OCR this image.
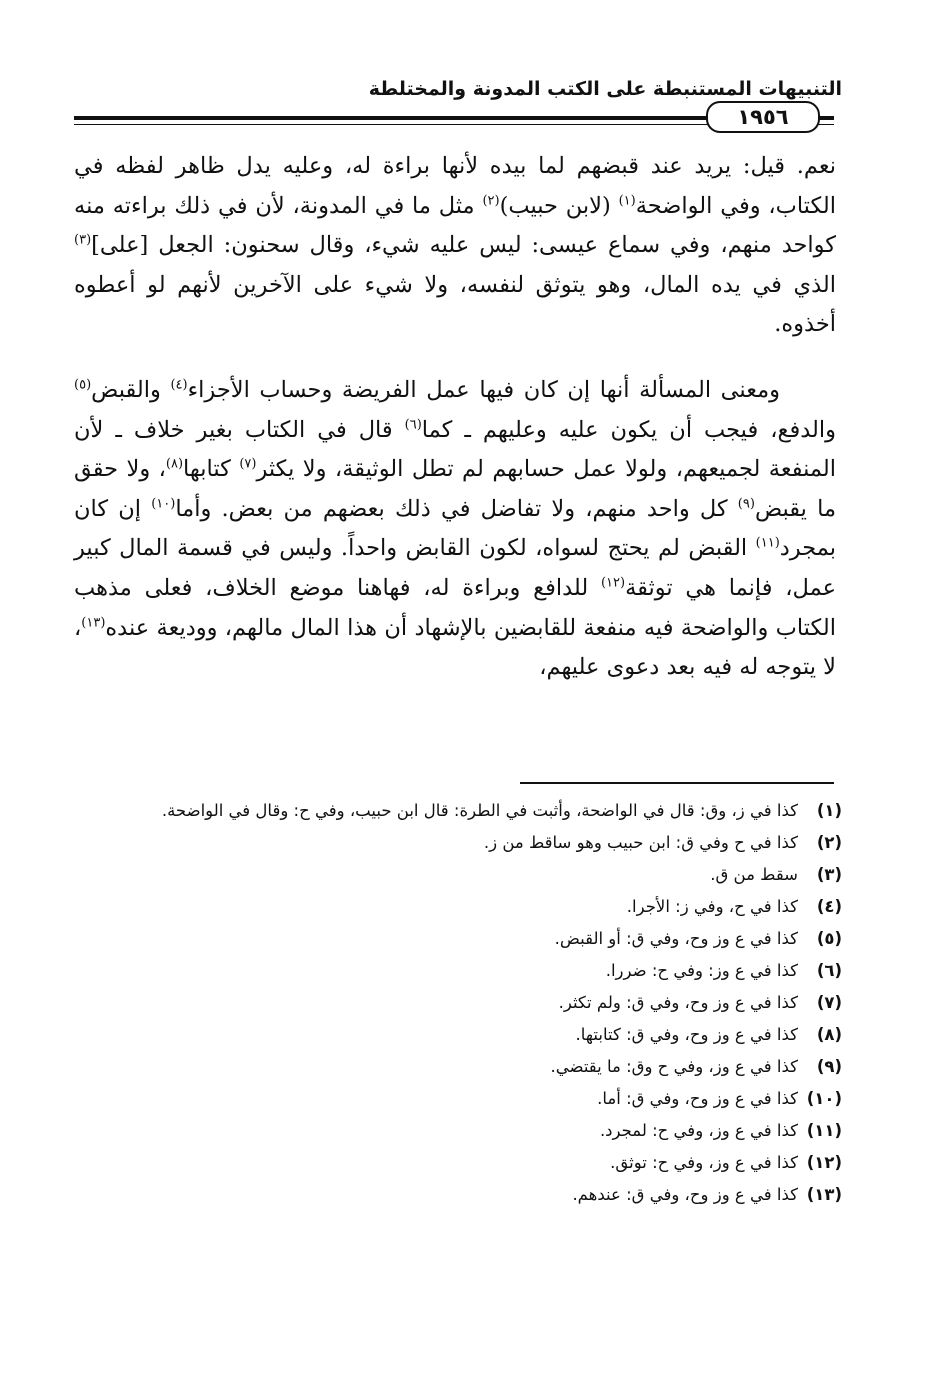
التنبيهات المستنبطة على الكتب المدونة والمختلطة
١٩٥٦

نعم. قيل: يريد عند قبضهم لما بيده لأنها براءة له، وعليه يدل ظاهر لفظه في الكتاب، وفي الواضحة$^{(١)}$ (لابن حبيب)$^{(٢)}$ مثل ما في المدونة، لأن في ذلك براءته منه كواحد منهم، وفي سماع عيسى: ليس عليه شيء، وقال سحنون: الجعل [على]$^{(٣)}$ الذي في يده المال، وهو يتوثق لنفسه، ولا شيء على الآخرين لأنهم لو أعطوه أخذوه.

ومعنى المسألة أنها إن كان فيها عمل الفريضة وحساب الأجزاء$^{(٤)}$ والقبض$^{(٥)}$ والدفع، فيجب أن يكون عليه وعليهم ـ كما$^{(٦)}$ قال في الكتاب بغير خلاف ـ لأن المنفعة لجميعهم، ولولا عمل حسابهم لم تطل الوثيقة، ولا يكثر$^{(٧)}$ كتابها$^{(٨)}$، ولا حقق ما يقبض$^{(٩)}$ كل واحد منهم، ولا تفاضل في ذلك بعضهم من بعض. وأما$^{(١٠)}$ إن كان بمجرد$^{(١١)}$ القبض لم يحتج لسواه، لكون القابض واحداً. وليس في قسمة المال كبير عمل، فإنما هي توثقة$^{(١٢)}$ للدافع وبراءة له، فهاهنا موضع الخلاف، فعلى مذهب الكتاب والواضحة فيه منفعة للقابضين بالإشهاد أن هذا المال مالهم، ووديعة عنده$^{(١٣)}$، لا يتوجه له فيه بعد دعوى عليهم،

(١)
كذا في ز، وق: قال في الواضحة، وأثبت في الطرة: قال ابن حبيب، وفي ح: وقال في الواضحة.
(٢)
كذا في ح وفي ق: ابن حبيب وهو ساقط من ز.
(٣)
سقط من ق.
(٤)
كذا في ح، وفي ز: الأجرا.
(٥)
كذا في ع وز وح، وفي ق: أو القبض.
(٦)
كذا في ع وز: وفي ح: ضررا.
(٧)
كذا في ع وز وح، وفي ق: ولم تكثر.
(٨)
كذا في ع وز وح، وفي ق: كتابتها.
(٩)
كذا في ع وز، وفي ح وق: ما يقتضي.
(١٠)
كذا في ع وز وح، وفي ق: أما.
(١١)
كذا في ع وز، وفي ح: لمجرد.
(١٢)
كذا في ع وز، وفي ح: توثق.
(١٣)
كذا في ع وز وح، وفي ق: عندهم.
